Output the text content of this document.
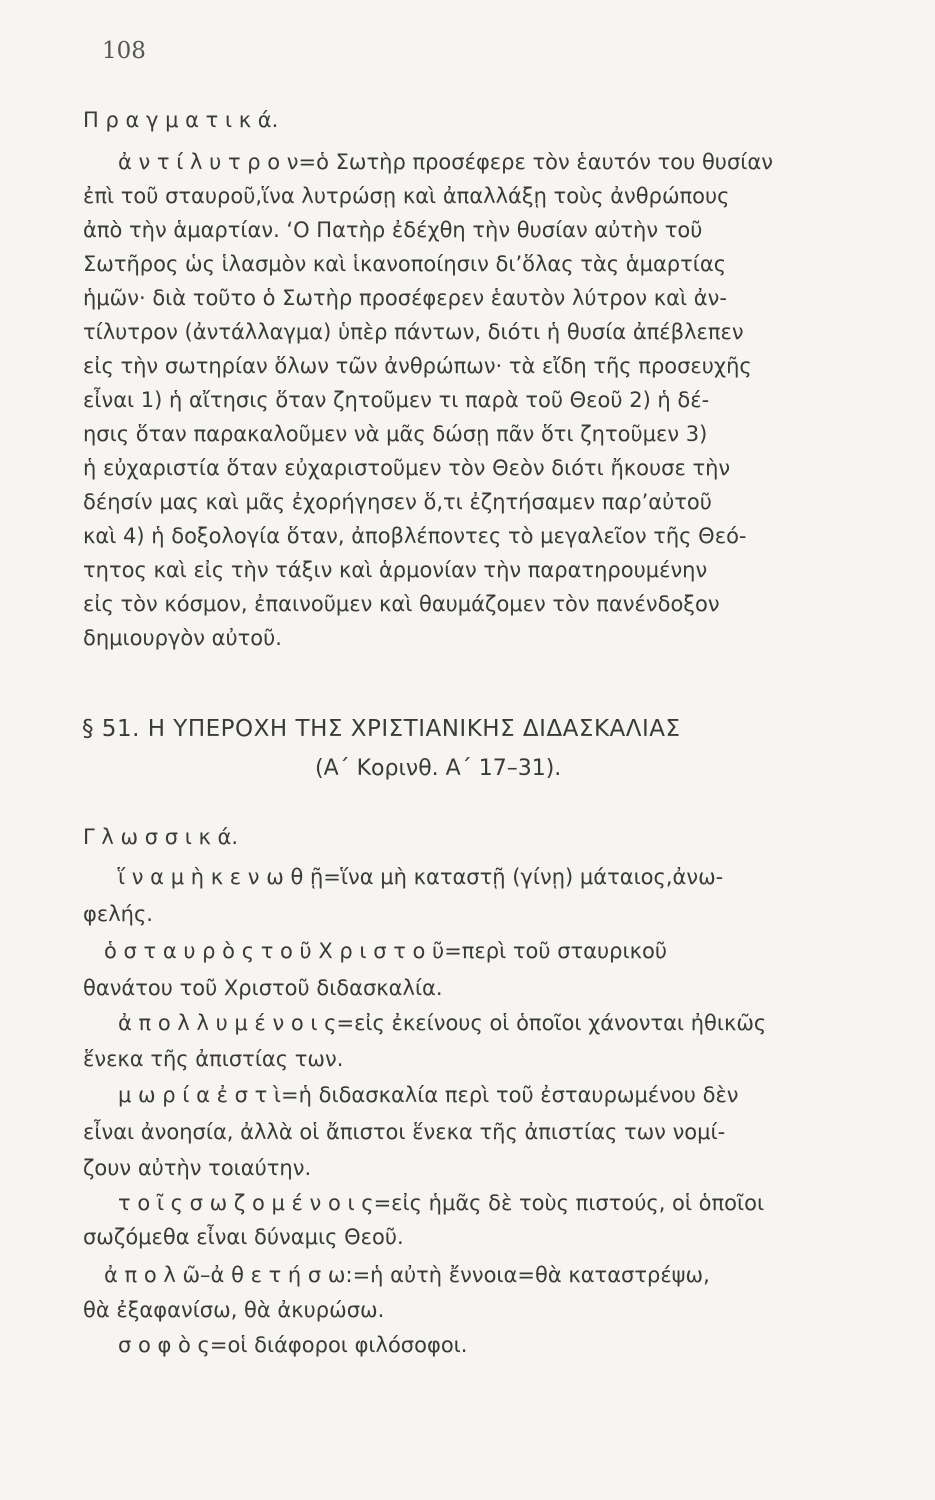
108
Π ρ α γ μ α τ ι κ ά.
ἀ ν τ ί λ υ τ ρ ο ν=ὁ Σωτὴρ προσέφερε τὸν ἑαυτόν του θυσίαν
ἐπὶ τοῦ σταυροῦ,ἵνα λυτρώσῃ καὶ ἀπαλλάξῃ τοὺς ἀνθρώπους
ἀπὸ τὴν ἁμαρτίαν. ‘Ο Πατὴρ ἐδέχθη τὴν θυσίαν αὐτὴν τοῦ
Σωτῆρος ὡς ἱλασμὸν καὶ ἱκανοποίησιν δι’ὅλας τὰς ἁμαρτίας
ἡμῶν· διὰ τοῦτο ὁ Σωτὴρ προσέφερεν ἑαυτὸν λύτρον καὶ ἀν-
τίλυτρον (ἀντάλλαγμα) ὑπὲρ πάντων, διότι ἡ θυσία ἀπέβλεπεν
εἰς τὴν σωτηρίαν ὅλων τῶν ἀνθρώπων· τὰ εἴδη τῆς προσευχῆς
εἶναι 1) ἡ αἴτησις ὅταν ζητοῦμεν τι παρὰ τοῦ Θεοῦ 2) ἡ δέ-
ησις ὅταν παρακαλοῦμεν νὰ μᾶς δώσῃ πᾶν ὅτι ζητοῦμεν 3)
ἡ εὐχαριστία ὅταν εὐχαριστοῦμεν τὸν Θεὸν διότι ἤκουσε τὴν
δέησίν μας καὶ μᾶς ἐχορήγησεν ὅ,τι ἐζητήσαμεν παρ’αὐτοῦ
καὶ 4) ἡ δοξολογία ὅταν, ἀποβλέποντες τὸ μεγαλεῖον τῆς Θεό-
τητος καὶ εἰς τὴν τάξιν καὶ ἁρμονίαν τὴν παρατηρουμένην
εἰς τὸν κόσμον, ἐπαινοῦμεν καὶ θαυμάζομεν τὸν πανένδοξον
δημιουργὸν αὐτοῦ.
§ 51. Η ΥΠΕΡΟΧΗ ΤΗΣ ΧΡΙΣΤΙΑΝΙΚΗΣ ΔΙΔΑΣΚΑΛΙΑΣ
(Α΄ Κορινθ. Α΄ 17–31).
Γ λ ω σ σ ι κ ά.
ἵ ν α μ ὴ κ ε ν ω θ ῇ=ἵνα μὴ καταστῇ (γίνῃ) μάταιος,ἀνω-
φελής.
ὁ σ τ α υ ρ ὸ ς τ ο ῦ Χ ρ ι σ τ ο ῦ=περὶ τοῦ σταυρικοῦ
θανάτου τοῦ Χριστοῦ διδασκαλία.
ἀ π ο λ λ υ μ έ ν ο ι ς=εἰς ἐκείνους οἱ ὁποῖοι χάνονται ἠθικῶς
ἕνεκα τῆς ἀπιστίας των.
μ ω ρ ί α ἐ σ τ ὶ=ἡ διδασκαλία περὶ τοῦ ἐσταυρωμένου δὲν
εἶναι ἀνοησία, ἀλλὰ οἱ ἄπιστοι ἕνεκα τῆς ἀπιστίας των νομί-
ζουν αὐτὴν τοιαύτην.
τ ο ῖ ς σ ω ζ ο μ έ ν ο ι ς=εἰς ἡμᾶς δὲ τοὺς πιστούς, οἱ ὁποῖοι
σωζόμεθα εἶναι δύναμις Θεοῦ.
ἀ π ο λ ῶ–ἀ θ ε τ ή σ ω:=ἡ αὐτὴ ἔννοια=θὰ καταστρέψω,
θὰ ἐξαφανίσω, θὰ ἀκυρώσω.
σ ο φ ὸ ς=οἱ διάφοροι φιλόσοφοι.
